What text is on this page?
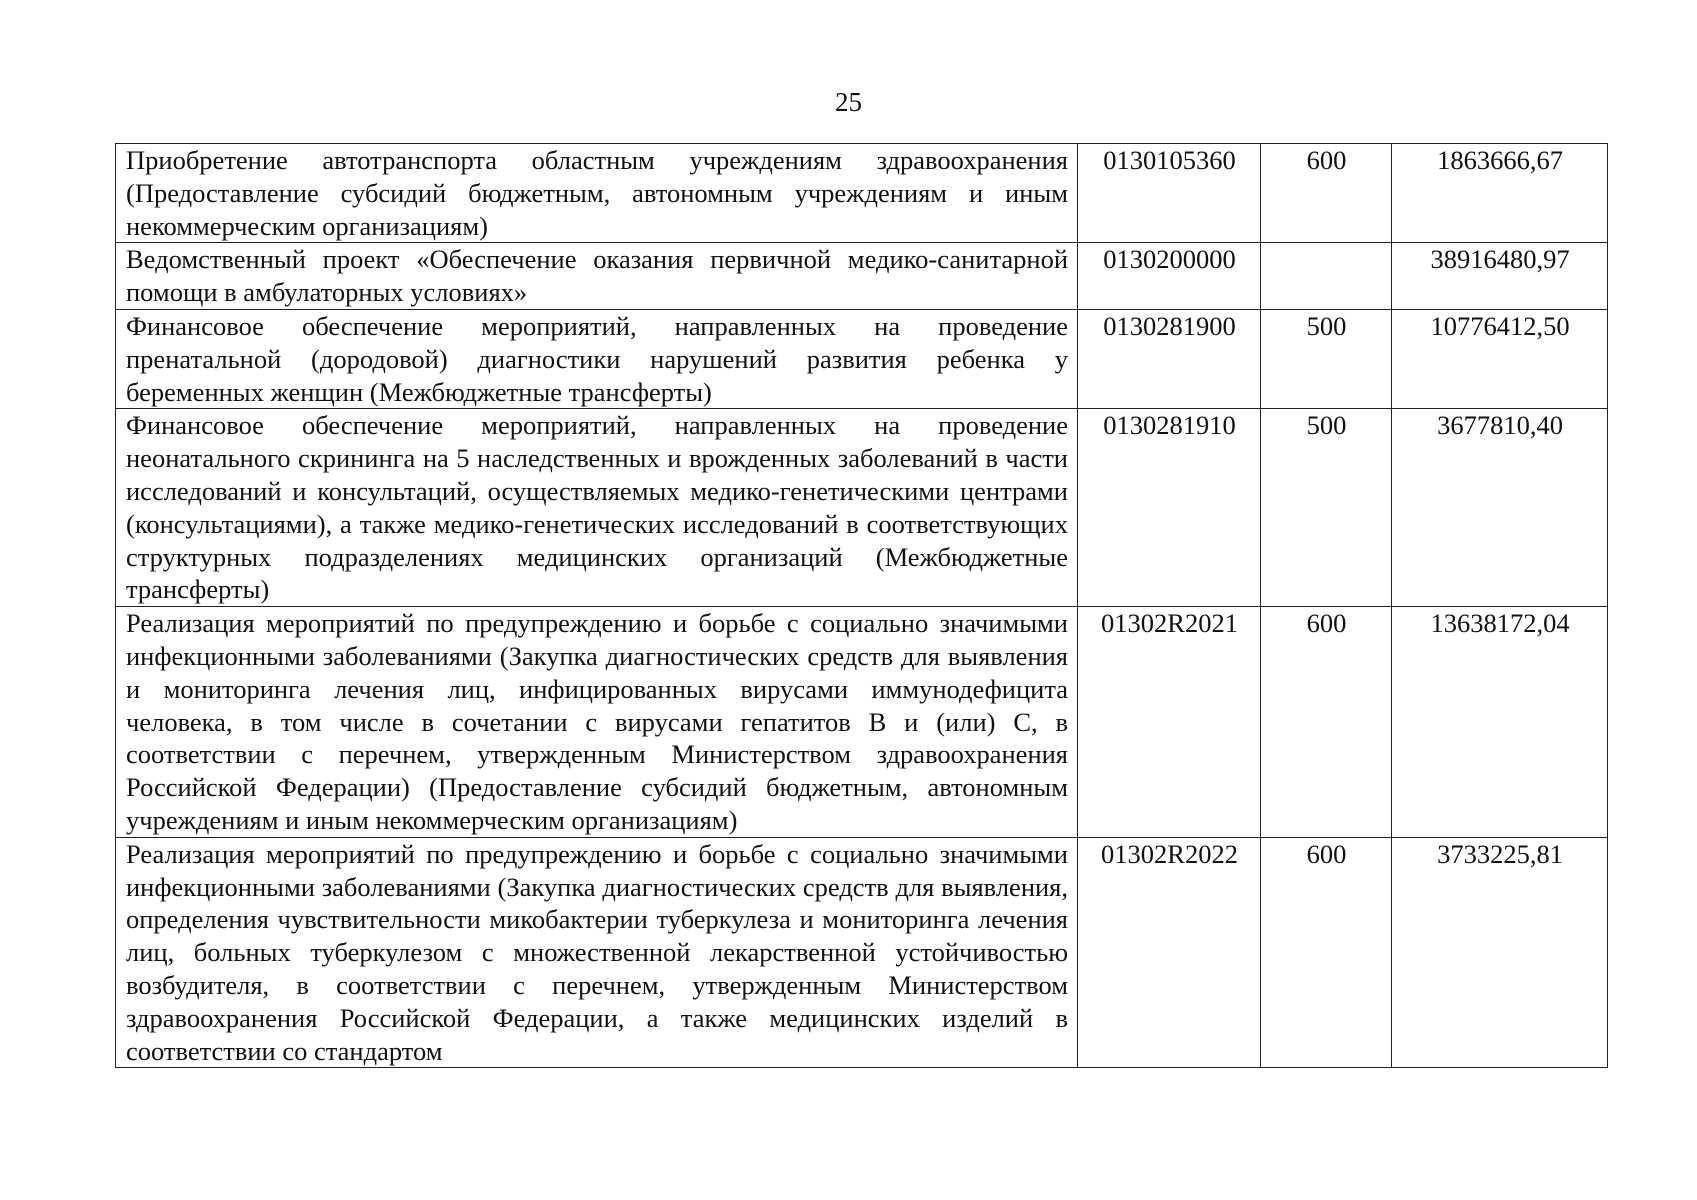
25
Приобретение автотранспорта областным учреждениям здравоохранения (Предоставление субсидий бюджетным, автономным учреждениям и иным некоммерческим организациям)	0130105360	600	1863666,67
Ведомственный проект «Обеспечение оказания первичной медико-санитарной помощи в амбулаторных условиях»	0130200000		38916480,97
Финансовое обеспечение мероприятий, направленных на проведение пренатальной (дородовой) диагностики нарушений развития ребенка у беременных женщин (Межбюджетные трансферты)	0130281900	500	10776412,50
Финансовое обеспечение мероприятий, направленных на проведение неонатального скрининга на 5 наследственных и врожденных заболеваний в части исследований и консультаций, осуществляемых медико-генетическими центрами (консультациями), а также медико-генетических исследований в соответствующих структурных подразделениях медицинских организаций (Межбюджетные трансферты)	0130281910	500	3677810,40
Реализация мероприятий по предупреждению и борьбе с социально значимыми инфекционными заболеваниями (Закупка диагностических средств для выявления и мониторинга лечения лиц, инфицированных вирусами иммунодефицита человека, в том числе в сочетании с вирусами гепатитов B и (или) C, в соответствии с перечнем, утвержденным Министерством здравоохранения Российской Федерации) (Предоставление субсидий бюджетным, автономным учреждениям и иным некоммерческим организациям)	01302R2021	600	13638172,04
Реализация мероприятий по предупреждению и борьбе с социально значимыми инфекционными заболеваниями (Закупка диагностических средств для выявления, определения чувствительности микобактерии туберкулеза и мониторинга лечения лиц, больных туберкулезом с множественной лекарственной устойчивостью возбудителя, в соответствии с перечнем, утвержденным Министерством здравоохранения Российской Федерации, а также медицинских изделий в соответствии со стандартом	01302R2022	600	3733225,81
